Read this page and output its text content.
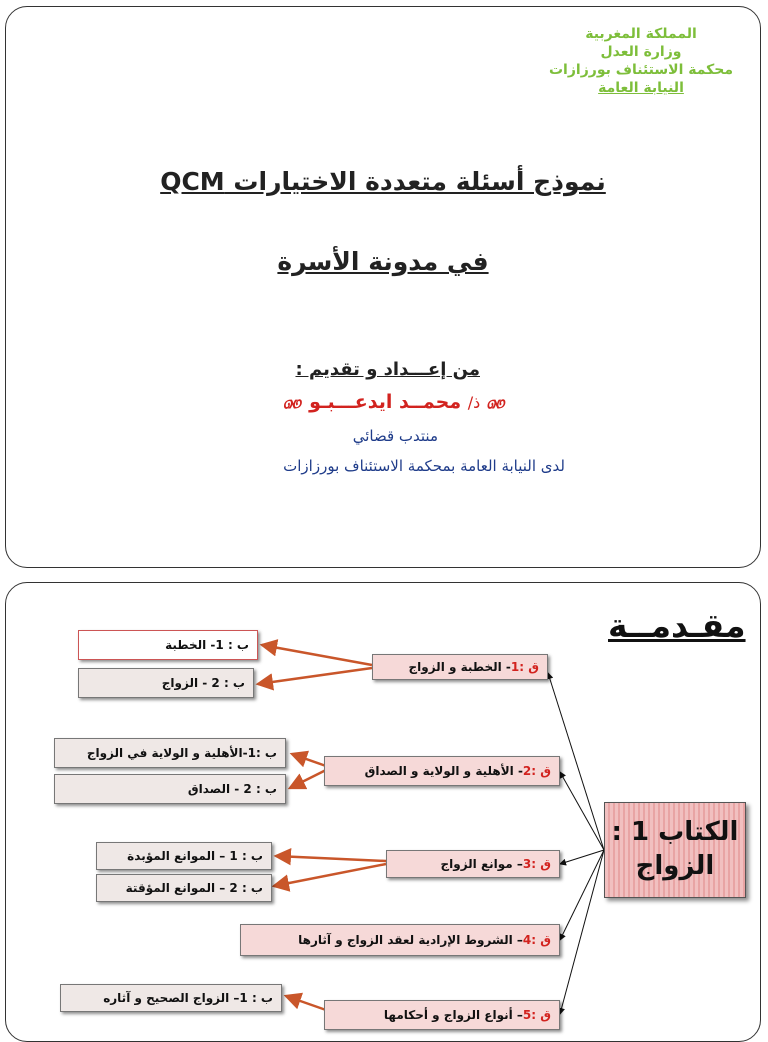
المملكة المغربية
وزارة العدل
محكمة الاستئناف بورزازات
النيابة العامة
نموذج أسئلة متعددة الاختيارات QCM
في مدونة الأسرة
من إعـــداد و تقديم :
🙐 ذ/ محمــد ايدعـــبـو 🙐
منتدب قضائي
لدى النيابة العامة بمحكمة الاستئناف بورزازات
مقـدمــة
ق :
1
- الخطبة و الزواج
ق :
2
- الأهلية و الولاية و الصداق
ق :
3
– موانع الزواج
ق :
4
– الشروط الإرادية لعقد الزواج و آثارها
ق :
5
– أنواع الزواج و أحكامها
ب : 1- الخطبة
ب : 2 - الزواج
ب :1-الأهلية و الولاية في الزواج
ب : 2 - الصداق
ب : 1 – الموانع المؤبدة
ب : 2 – الموانع المؤقتة
ب : 1– الزواج الصحيح و آثاره
الكتاب 1 :
الزواج
